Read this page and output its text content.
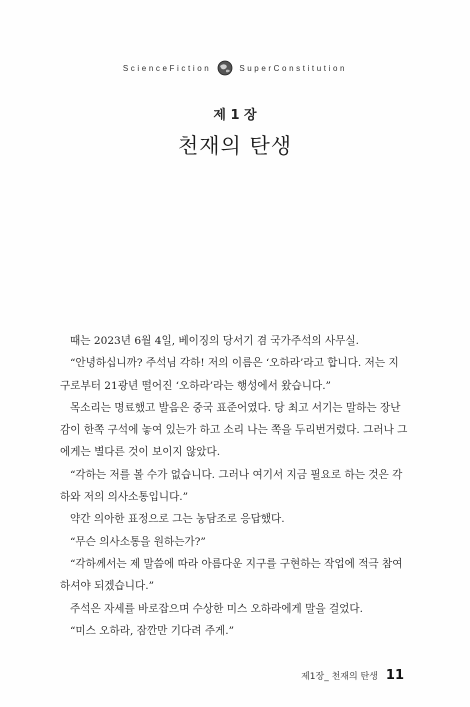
ScienceFiction	SuperConstitution
제 1 장
천재의 탄생

때는 2023년 6월 4일, 베이징의 당서기 겸 국가주석의 사무실.

“안녕하십니까? 주석님 각하! 저의 이름은 ‘오하라’라고 합니다. 저는 지구로부터 21광년 떨어진 ‘오하라’라는 행성에서 왔습니다.”

목소리는 명료했고 발음은 중국 표준어였다. 당 최고 서기는 말하는 장난감이 한쪽 구석에 놓여 있는가 하고 소리 나는 쪽을 두리번거렸다. 그러나 그에게는 별다른 것이 보이지 않았다.

“각하는 저를 볼 수가 없습니다. 그러나 여기서 지금 필요로 하는 것은 각하와 저의 의사소통입니다.”

약간 의아한 표정으로 그는 농담조로 응답했다.

“무슨 의사소통을 원하는가?”

“각하께서는 제 말씀에 따라 아름다운 지구를 구현하는 작업에 적극 참여하셔야 되겠습니다.”

주석은 자세를 바로잡으며 수상한 미스 오하라에게 말을 걸었다.

“미스 오하라, 잠깐만 기다려 주게.”

제1장_ 천재의 탄생 11
